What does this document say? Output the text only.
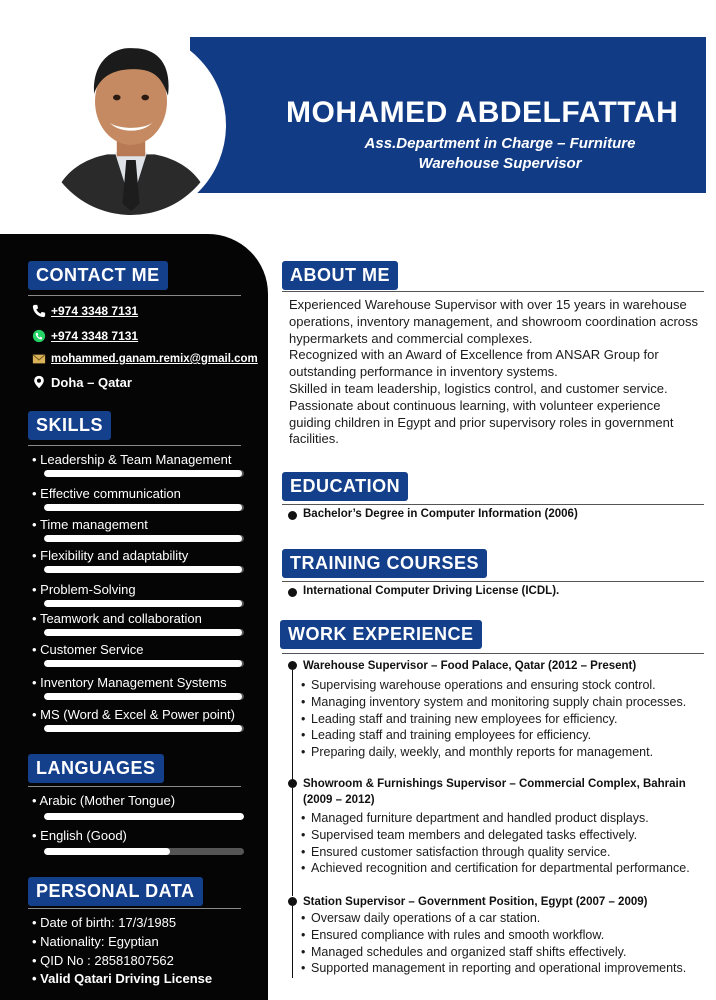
MOHAMED ABDELFATTAH
Ass.Department in Charge – Furniture
Warehouse Supervisor
CONTACT ME
+974 3348 7131
+974 3348 7131
mohammed.ganam.remix@gmail.com
Doha – Qatar
SKILLS
• Leadership & Team Management
• Effective communication
• Time management
• Flexibility and adaptability
• Problem-Solving
• Teamwork and collaboration
• Customer Service
• Inventory Management Systems
• MS (Word & Excel & Power point)
LANGUAGES
• Arabic (Mother Tongue)
• English (Good)
PERSONAL DATA
• Date of birth: 17/3/1985
• Nationality: Egyptian
• QID No : 28581807562
• Valid Qatari Driving License
ABOUT ME

Experienced Warehouse Supervisor with over 15 years in warehouse operations, inventory management, and showroom coordination across hypermarkets and commercial complexes.

Recognized with an Award of Excellence from ANSAR Group for outstanding performance in inventory systems.

Skilled in team leadership, logistics control, and customer service.

Passionate about continuous learning, with volunteer experience guiding children in Egypt and prior supervisory roles in government facilities.

EDUCATION
Bachelor’s Degree in Computer Information (2006)
TRAINING COURSES
International Computer Driving License (ICDL).
WORK EXPERIENCE
Warehouse Supervisor – Food Palace, Qatar (2012 – Present)
• Supervising warehouse operations and ensuring stock control.
• Managing inventory system and monitoring supply chain processes.
• Leading staff and training new employees for efficiency.
• Leading staff and training employees for efficiency.
• Preparing daily, weekly, and monthly reports for management.
Showroom & Furnishings Supervisor – Commercial Complex, Bahrain
(2009 – 2012)
• Managed furniture department and handled product displays.
• Supervised team members and delegated tasks effectively.
• Ensured customer satisfaction through quality service.
• Achieved recognition and certification for departmental performance.
Station Supervisor – Government Position, Egypt (2007 – 2009)
• Oversaw daily operations of a car station.
• Ensured compliance with rules and smooth workflow.
• Managed schedules and organized staff shifts effectively.
• Supported management in reporting and operational improvements.
